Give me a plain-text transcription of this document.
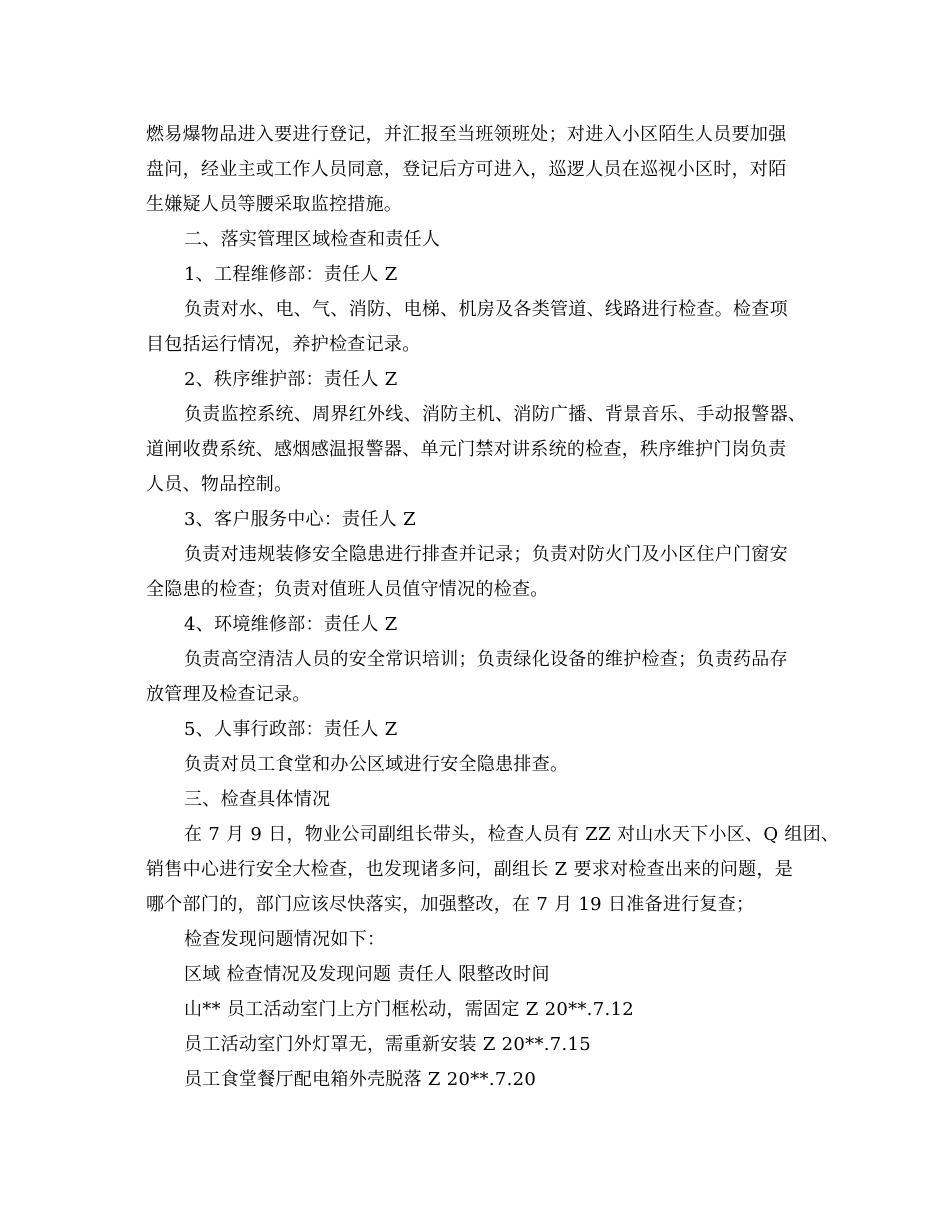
燃易爆物品进入要进行登记，并汇报至当班领班处；对进入小区陌生人员要加强
盘问，经业主或工作人员同意，登记后方可进入，巡逻人员在巡视小区时，对陌
生嫌疑人员等腰采取监控措施。
二、落实管理区域检查和责任人
1、工程维修部：责任人 Z
负责对水、电、气、消防、电梯、机房及各类管道、线路进行检查。检查项
目包括运行情况，养护检查记录。
2、秩序维护部：责任人 Z
负责监控系统、周界红外线、消防主机、消防广播、背景音乐、手动报警器、
道闸收费系统、感烟感温报警器、单元门禁对讲系统的检查，秩序维护门岗负责
人员、物品控制。
3、客户服务中心：责任人 Z
负责对违规装修安全隐患进行排查并记录；负责对防火门及小区住户门窗安
全隐患的检查；负责对值班人员值守情况的检查。
4、环境维修部：责任人 Z
负责高空清洁人员的安全常识培训；负责绿化设备的维护检查；负责药品存
放管理及检查记录。
5、人事行政部：责任人 Z
负责对员工食堂和办公区域进行安全隐患排查。
三、检查具体情况
在 7 月 9 日，物业公司副组长带头，检查人员有 ZZ 对山水天下小区、Q 组团、
销售中心进行安全大检查，也发现诸多问，副组长 Z 要求对检查出来的问题，是
哪个部门的，部门应该尽快落实，加强整改，在 7 月 19 日准备进行复查；
检查发现问题情况如下：
区域 检查情况及发现问题 责任人 限整改时间
山** 员工活动室门上方门框松动，需固定 Z 20**.7.12
员工活动室门外灯罩无，需重新安装 Z 20**.7.15
员工食堂餐厅配电箱外壳脱落 Z 20**.7.20
